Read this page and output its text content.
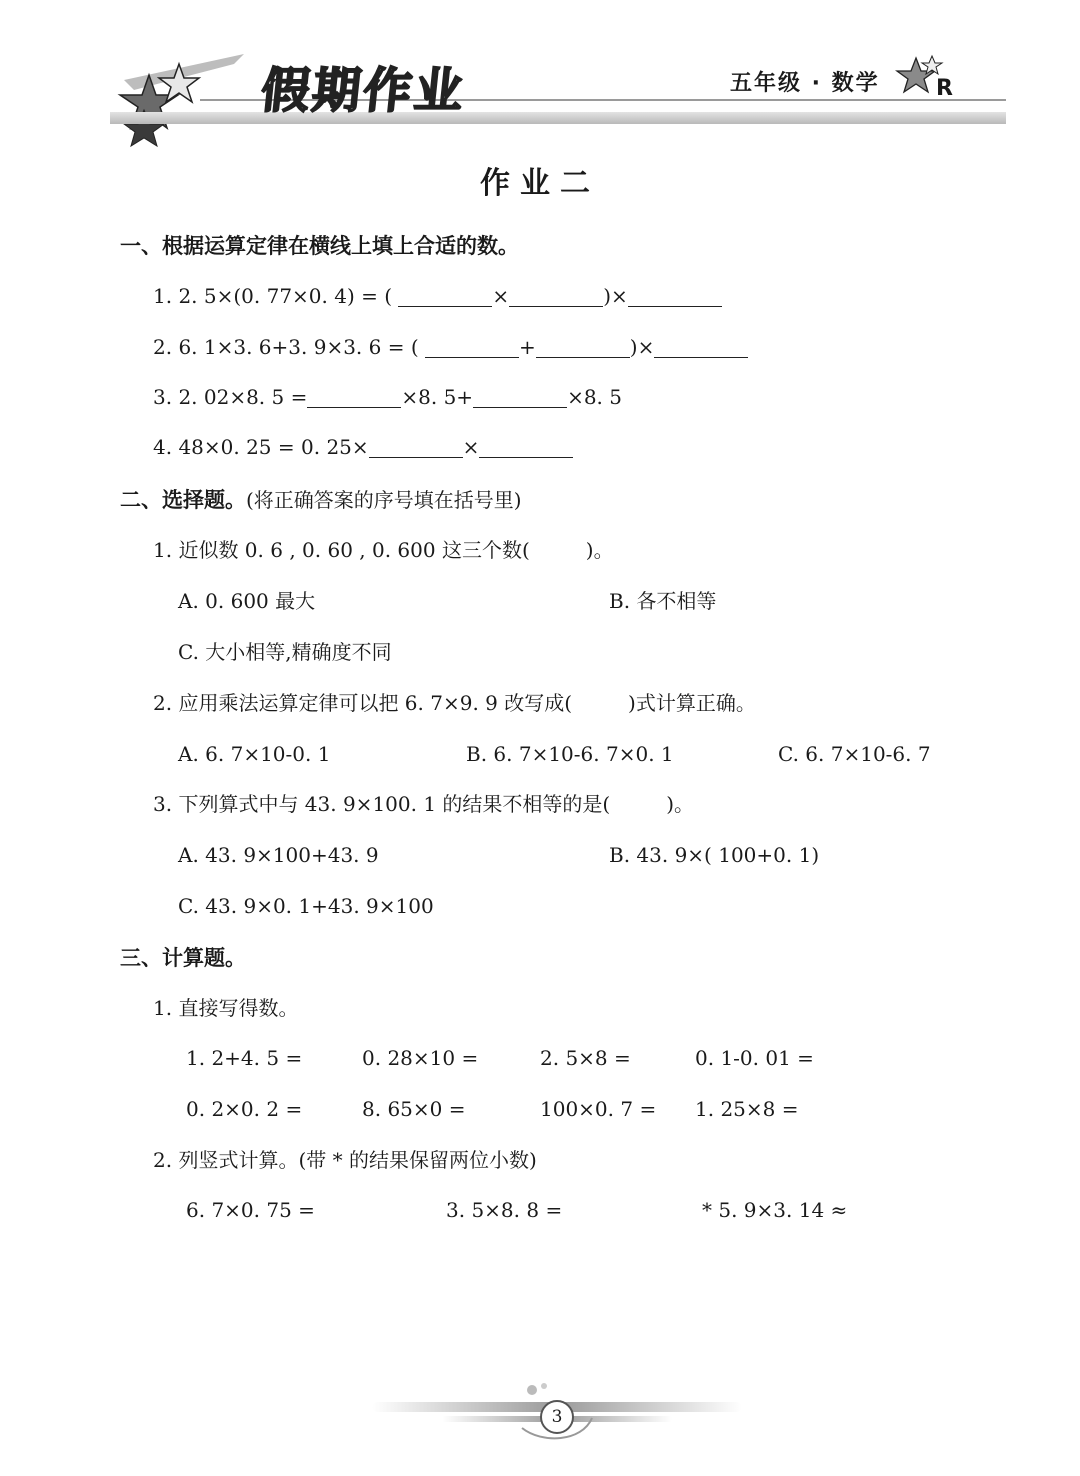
假期作业	五年级 · 数学	R
作业二
一、根据运算定律在横线上填上合适的数。
1. 2. 5×(0. 77×0. 4) = (	×	)×
2. 6. 1×3. 6+3. 9×3. 6 = (	+	)×
3. 2. 02×8. 5 =	×8. 5+	×8. 5
4. 48×0. 25 = 0. 25×	×
二、选择题。(将正确答案的序号填在括号里)
1. 近似数 0. 6 , 0. 60 , 0. 600 这三个数(	)。
A. 0. 600 最大	B. 各不相等
C. 大小相等,精确度不同
2. 应用乘法运算定律可以把 6. 7×9. 9 改写成(	)式计算正确。
A. 6. 7×10-0. 1	B. 6. 7×10-6. 7×0. 1	C. 6. 7×10-6. 7
3. 下列算式中与 43. 9×100. 1 的结果不相等的是(	)。
A. 43. 9×100+43. 9	B. 43. 9×( 100+0. 1)
C. 43. 9×0. 1+43. 9×100
三、计算题。
1. 直接写得数。
1. 2+4. 5 =	0. 28×10 =	2. 5×8 =	0. 1-0. 01 =
0. 2×0. 2 =	8. 65×0 =	100×0. 7 = 1. 25×8 =
2. 列竖式计算。(带 * 的结果保留两位小数)
6. 7×0. 75 =	3. 5×8. 8 =	* 5. 9×3. 14 ≈
3
